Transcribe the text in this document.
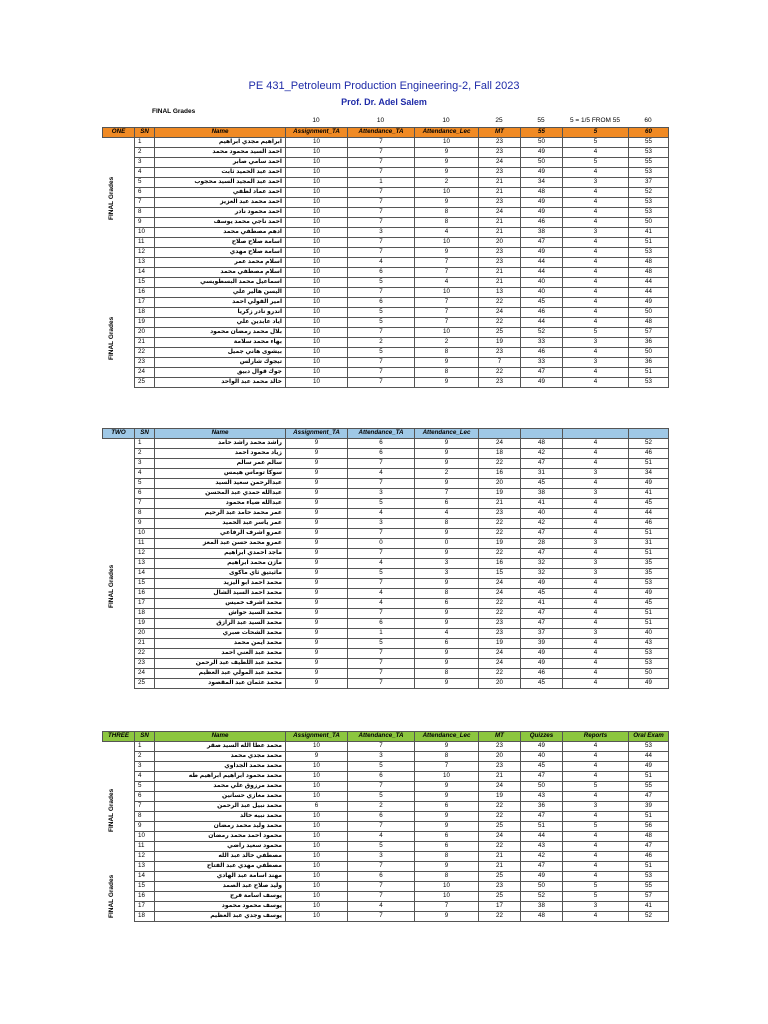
PE 431_Petroleum Production Engineering-2, Fall 2023
Prof. Dr. Adel Salem
FINAL Grades
10	10	10	25	55	5 = 1/5 FROM 55	60
ONE	SN	Name	Assignment_TA	Attendance_TA	Attendance_Lec	MT	55	5	60
	1	ابراهيم مجدي ابراهيم	10	7	10	23	50	5	55
	2	احمد السيد محمود محمد	10	7	9	23	49	4	53
	3	احمد سامي صابر	10	7	9	24	50	5	55
	4	احمد عبد الحميد ثابت	10	7	9	23	49	4	53
	5	احمد عبد المجيد السيد محجوب	10	1	2	21	34	3	37
	6	احمد عماد لطفي	10	7	10	21	48	4	52
	7	احمد محمد عبد العزيز	10	7	9	23	49	4	53
	8	احمد محمود نادر	10	7	8	24	49	4	53
	9	احمد ناجي محمد يوسف	10	7	8	21	46	4	50
	10	ادهم مصطفي محمد	10	3	4	21	38	3	41
	11	اسامة صلاح صلاح	10	7	10	20	47	4	51
	12	اسامة صلاح مهدي	10	7	9	23	49	4	53
	13	اسلام محمد عمر	10	4	7	23	44	4	48
	14	اسلام مصطفي محمد	10	6	7	21	44	4	48
	15	اسماعيل محمد البسطويسي	10	5	4	21	40	4	44
	16	اليسن هالير علي	10	7	10	13	40	4	44
	17	امير الفولي احمد	10	6	7	22	45	4	49
	18	اندرو نادر زكريا	10	5	7	24	46	4	50
	19	اياد عابدين علي	10	5	7	22	44	4	48
	20	بلال محمد رمضان محمود	10	7	10	25	52	5	57
	21	بهاء محمد سلامة	10	2	2	19	33	3	36
	22	بيشوى هاني جميل	10	5	8	23	46	4	50
	23	تيجوك شارلس	10	7	9	7	33	3	36
	24	جوك قوال دبيق	10	7	8	22	47	4	51
	25	خالد محمد عبد الواحد	10	7	9	23	49	4	53
TWO	SN	Name	Assignment_TA	Attendance_TA	Attendance_Lec				
	1	راشد محمد راشد حامد	9	6	9	24	48	4	52
	2	زياد محمود احمد	9	6	9	18	42	4	46
	3	سالم عمر سالم	9	7	9	22	47	4	51
	4	سوكا توماس هيمس	9	4	2	16	31	3	34
	5	عبدالرحمن سعيد السيد	9	7	9	20	45	4	49
	6	عبدالله حمدي عبد المحسن	9	3	7	19	38	3	41
	7	عبدالله ضياء محمود	9	5	6	21	41	4	45
	8	عمر محمد حامد عبد الرحيم	9	4	4	23	40	4	44
	9	عمر ياسر عبد الحميد	9	3	8	22	42	4	46
	10	عمرو اشرف الرفاعي	9	7	9	22	47	4	51
	11	عمرو محمد حسن عبد المعز	9	0	0	19	28	3	31
	12	ماجد احمدي ابراهيم	9	7	9	22	47	4	51
	13	مازن محمد ابراهيم	9	4	3	16	32	3	35
	14	ماثيتيق ثاي ماكوى	9	5	3	15	32	3	35
	15	محمد احمد ابو اليزيد	9	7	9	24	49	4	53
	16	محمد احمد السيد الشال	9	4	8	24	45	4	49
	17	محمد اشرف خميس	9	4	6	22	41	4	45
	18	محمد السيد حواش	9	7	9	22	47	4	51
	19	محمد السيد عبد الرازق	9	6	9	23	47	4	51
	20	محمد الشحات صبري	9	1	4	23	37	3	40
	21	محمد ايمن محمد	9	5	6	19	39	4	43
	22	محمد عبد الغني احمد	9	7	9	24	49	4	53
	23	محمد عبد اللطيف عبد الرحمن	9	7	9	24	49	4	53
	24	محمد عبد المولي عبد العظيم	9	7	8	22	46	4	50
	25	محمد عثمان عبد المقصود	9	7	9	20	45	4	49
THREE	SN	Name	Assignment_TA	Attendance_TA	Attendance_Lec	MT	Quizzes	Reports	Oral Exam
	1	محمد عطا الله السيد صقر	10	7	9	23	49	4	53
	2	محمد مجدي محمد	9	3	8	20	40	4	44
	3	محمد محمد الجداوي	10	5	7	23	45	4	49
	4	محمد محمود ابراهيم ابراهيم طه	10	6	10	21	47	4	51
	5	محمد مرزوق علي محمد	10	7	9	24	50	5	55
	6	محمد مغازي حسانين	10	5	9	19	43	4	47
	7	محمد نبيل عبد الرحمن	6	2	6	22	36	3	39
	8	محمد نبيه خالد	10	6	9	22	47	4	51
	9	محمد وليد محمد رمضان	10	7	9	25	51	5	56
	10	محمود احمد محمد رمضان	10	4	6	24	44	4	48
	11	محمود سعيد راضي	10	5	6	22	43	4	47
	12	مصطفي خالد عبد الله	10	3	8	21	42	4	46
	13	مصطفي مهدي عبد الفتاح	10	7	9	21	47	4	51
	14	مهند اسامة عبد الهادي	10	6	8	25	49	4	53
	15	وليد صلاح عبد الصمد	10	7	10	23	50	5	55
	16	يوسف اسامة فرج	10	7	10	25	52	5	57
	17	يوسف محمود محمود	10	4	7	17	38	3	41
	18	يوسف وجدي عبد العظيم	10	7	9	22	48	4	52
FINAL Grades
FINAL Grades
FINAL Grades
FINAL Grades
FINAL Grades
